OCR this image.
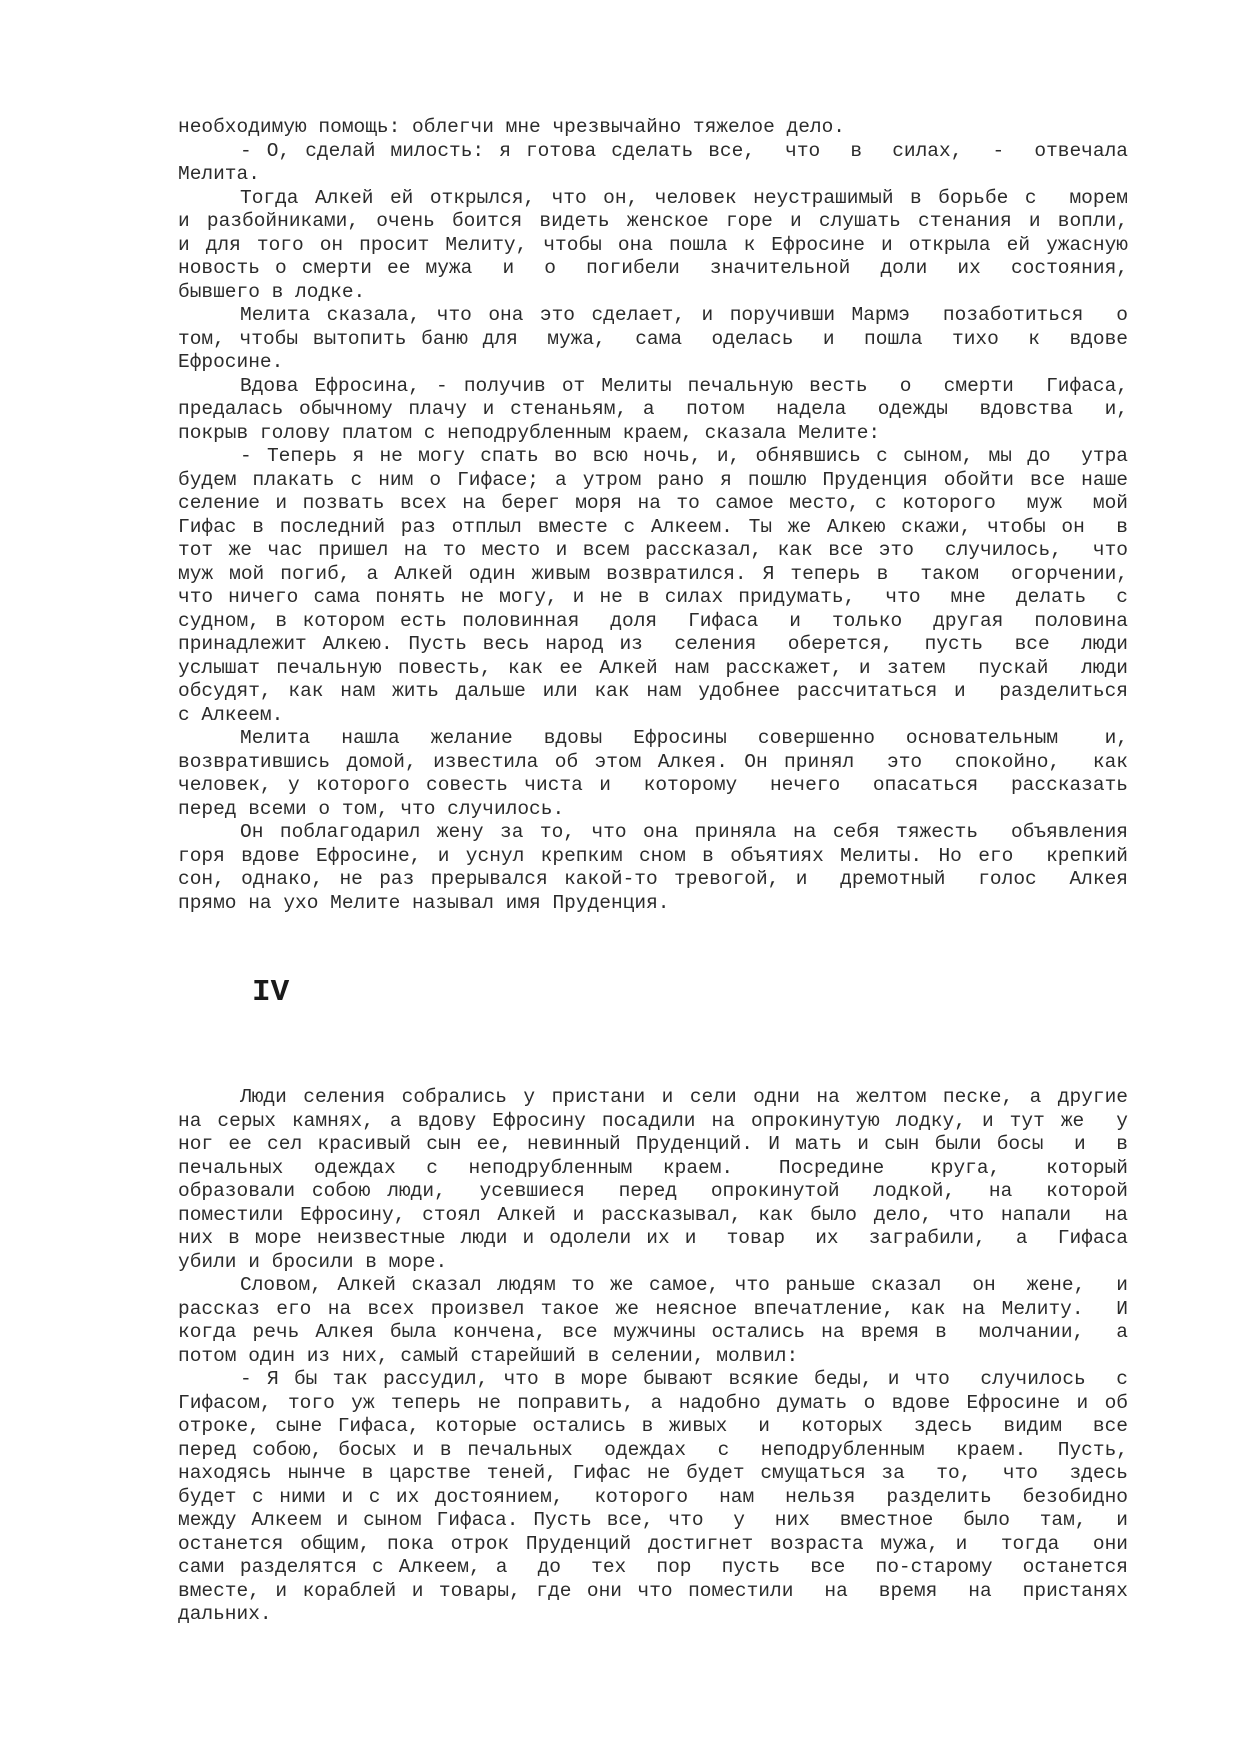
необходимую помощь: облегчи мне чрезвычайно тяжелое дело.
- О, сделай милость: я готова сделать все,  что  в  силах,  -  отвечала
Мелита.
Тогда Алкей ей открылся, что он, человек неустрашимый в борьбе с  морем
и разбойниками, очень боится видеть женское горе и слушать стенания и вопли,
и для того он просит Мелиту, чтобы она пошла к Ефросине и открыла ей ужасную
новость о смерти ее мужа  и  о  погибели  значительной  доли  их  состояния,
бывшего в лодке.
Мелита сказала, что она это сделает, и поручивши Мармэ  позаботиться  о
том, чтобы вытопить баню для  мужа,  сама  оделась  и  пошла  тихо  к  вдове
Ефросине.
Вдова Ефросина, - получив от Мелиты печальную весть  о  смерти  Гифаса,
предалась обычному плачу и стенаньям, а  потом  надела  одежды  вдовства  и,
покрыв голову платом с неподрубленным краем, сказала Мелите:
- Теперь я не могу спать во всю ночь, и, обнявшись с сыном, мы до  утра
будем плакать с ним о Гифасе; а утром рано я пошлю Пруденция обойти все наше
селение и позвать всех на берег моря на то самое место, с которого  муж  мой
Гифас в последний раз отплыл вместе с Алкеем. Ты же Алкею скажи, чтобы он  в
тот же час пришел на то место и всем рассказал, как все это  случилось,  что
муж мой погиб, а Алкей один живым возвратился. Я теперь в  таком  огорчении,
что ничего сама понять не могу, и не в силах придумать,  что  мне  делать  с
судном, в котором есть половинная  доля  Гифаса  и  только  другая  половина
принадлежит Алкею. Пусть весь народ из  селения  оберется,  пусть  все  люди
услышат печальную повесть, как ее Алкей нам расскажет, и затем  пускай  люди
обсудят, как нам жить дальше или как нам удобнее рассчитаться и  разделиться
с Алкеем.
Мелита  нашла  желание  вдовы  Ефросины  совершенно  основательным   и,
возвратившись домой, известила об этом Алкея. Он принял  это  спокойно,  как
человек, у которого совесть чиста и  которому  нечего  опасаться  рассказать
перед всеми о том, что случилось.
Он поблагодарил жену за то, что она приняла на себя тяжесть  объявления
горя вдове Ефросине, и уснул крепким сном в объятиях Мелиты. Но его  крепкий
сон, однако, не раз прерывался какой-то тревогой, и  дремотный  голос  Алкея
прямо на ухо Мелите называл имя Пруденция.
IV
Люди селения собрались у пристани и сели одни на желтом песке, а другие
на серых камнях, а вдову Ефросину посадили на опрокинутую лодку, и тут же  у
ног ее сел красивый сын ее, невинный Пруденций. И мать и сын были босы  и  в
печальных  одеждах  с  неподрубленным  краем.   Посредине   круга,   который
образовали собою люди,  усевшиеся  перед  опрокинутой  лодкой,  на  которой
поместили Ефросину, стоял Алкей и рассказывал, как было дело, что напали  на
них в море неизвестные люди и одолели их и  товар  их  заграбили,  а  Гифаса
убили и бросили в море.
Словом, Алкей сказал людям то же самое, что раньше сказал  он  жене,  и
рассказ его на всех произвел такое же неясное впечатление, как на Мелиту.  И
когда речь Алкея была кончена, все мужчины остались на время в  молчании,  а
потом один из них, самый старейший в селении, молвил:
- Я бы так рассудил, что в море бывают всякие беды, и что  случилось  с
Гифасом, того уж теперь не поправить, а надобно думать о вдове Ефросине и об
отроке, сыне Гифаса, которые остались в живых  и  которых  здесь  видим  все
перед собою, босых и в печальных  одеждах  с  неподрубленным  краем.  Пусть,
находясь нынче в царстве теней, Гифас не будет смущаться за  то,  что  здесь
будет с ними и с их достоянием,  которого  нам  нельзя  разделить  безобидно
между Алкеем и сыном Гифаса. Пусть все, что  у  них  вместное  было  там,  и
останется общим, пока отрок Пруденций достигнет возраста мужа, и  тогда  они
сами разделятся с Алкеем, а  до  тех  пор  пусть  все  по-старому  останется
вместе, и кораблей и товары, где они что поместили  на  время  на  пристанях
дальних.
